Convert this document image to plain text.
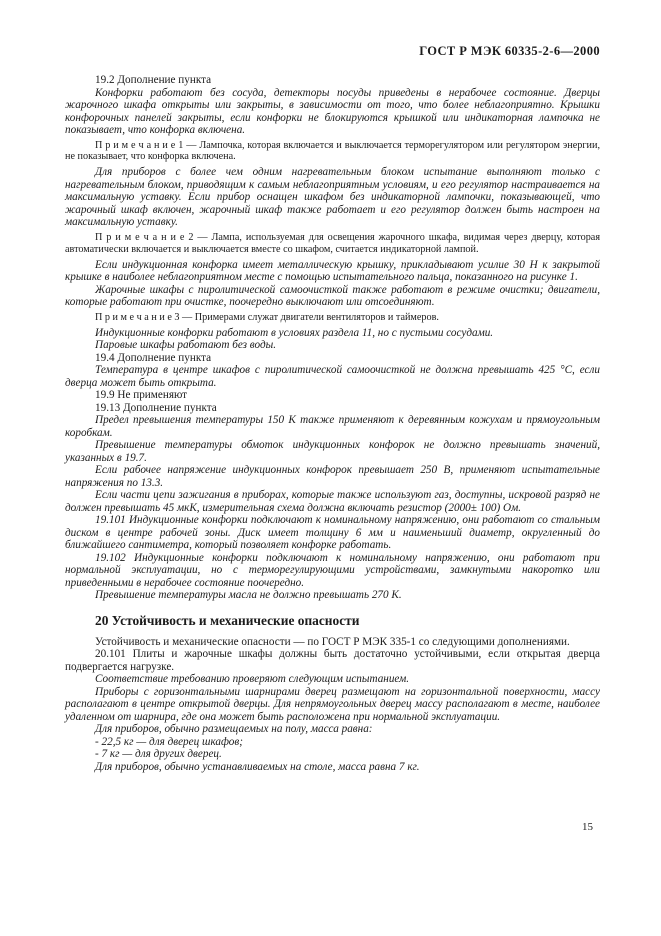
ГОСТ Р МЭК 60335-2-6—2000

19.2 Дополнение пункта

Конфорки работают без сосуда, детекторы посуды приведены в нерабочее состояние. Дверцы жарочного шкафа открыты или закрыты, в зависимости от того, что более неблагоприятно. Крышки конфорочных панелей закрыты, если конфорки не блокируются крышкой или индикаторная лампочка не показывает, что конфорка включена.

П р и м е ч а н и е 1 — Лампочка, которая включается и выключается терморегулятором или регулятором энергии, не показывает, что конфорка включена.

Для приборов с более чем одним нагревательным блоком испытание выполняют только с нагревательным блоком, приводящим к самым неблагоприятным условиям, и его регулятор настраивается на максимальную уставку. Если прибор оснащен шкафом без индикаторной лампочки, показывающей, что жарочный шкаф включен, жарочный шкаф также работает и его регулятор должен быть настроен на максимальную уставку.

П р и м е ч а н и е 2 — Лампа, используемая для освещения жарочного шкафа, видимая через дверцу, которая автоматически включается и выключается вместе со шкафом, считается индикаторной лампой.

Если индукционная конфорка имеет металлическую крышку, прикладывают усилие 30 Н к закрытой крышке в наиболее неблагоприятном месте с помощью испытательного пальца, показанного на рисунке 1.

Жарочные шкафы с пиролитической самоочисткой также работают в режиме очистки; двигатели, которые работают при очистке, поочередно выключают или отсоединяют.

П р и м е ч а н и е 3 — Примерами служат двигатели вентиляторов и таймеров.

Индукционные конфорки работают в условиях раздела 11, но с пустыми сосудами.

Паровые шкафы работают без воды.

19.4 Дополнение пункта

Температура в центре шкафов с пиролитической самоочисткой не должна превышать 425 °С, если дверца может быть открыта.

19.9 Не применяют

19.13 Дополнение пункта

Предел превышения температуры 150 К также применяют к деревянным кожухам и прямоугольным коробкам.

Превышение температуры обмоток индукционных конфорок не должно превышать значений, указанных в 19.7.

Если рабочее напряжение индукционных конфорок превышает 250 В, применяют испытательные напряжения по 13.3.

Если части цепи зажигания в приборах, которые также используют газ, доступны, искровой разряд не должен превышать 45 мкК, измерительная схема должна включать резистор (2000± 100) Ом.

19.101 Индукционные конфорки подключают к номинальному напряжению, они работают со стальным диском в центре рабочей зоны. Диск имеет толщину 6 мм и наименьший диаметр, округленный до ближайшего сантиметра, который позволяет конфорке работать.

19.102 Индукционные конфорки подключают к номинальному напряжению, они работают при нормальной эксплуатации, но с терморегулирующими устройствами, замкнутыми накоротко или приведенными в нерабочее состояние поочередно.

Превышение температуры масла не должно превышать 270 К.

20 Устойчивость и механические опасности

Устойчивость и механические опасности — по ГОСТ Р МЭК 335-1 со следующими дополнениями.

20.101 Плиты и жарочные шкафы должны быть достаточно устойчивыми, если открытая дверца подвергается нагрузке.

Соответствие требованию проверяют следующим испытанием.

Приборы с горизонтальными шарнирами дверец размещают на горизонтальной поверхности, массу располагают в центре открытой дверцы. Для непрямоугольных дверец массу располагают в месте, наиболее удаленном от шарнира, где она может быть расположена при нормальной эксплуатации.

Для приборов, обычно размещаемых на полу, масса равна:

- 22,5 кг — для дверец шкафов;

- 7 кг — для других дверец.

Для приборов, обычно устанавливаемых на столе, масса равна 7 кг.

15
